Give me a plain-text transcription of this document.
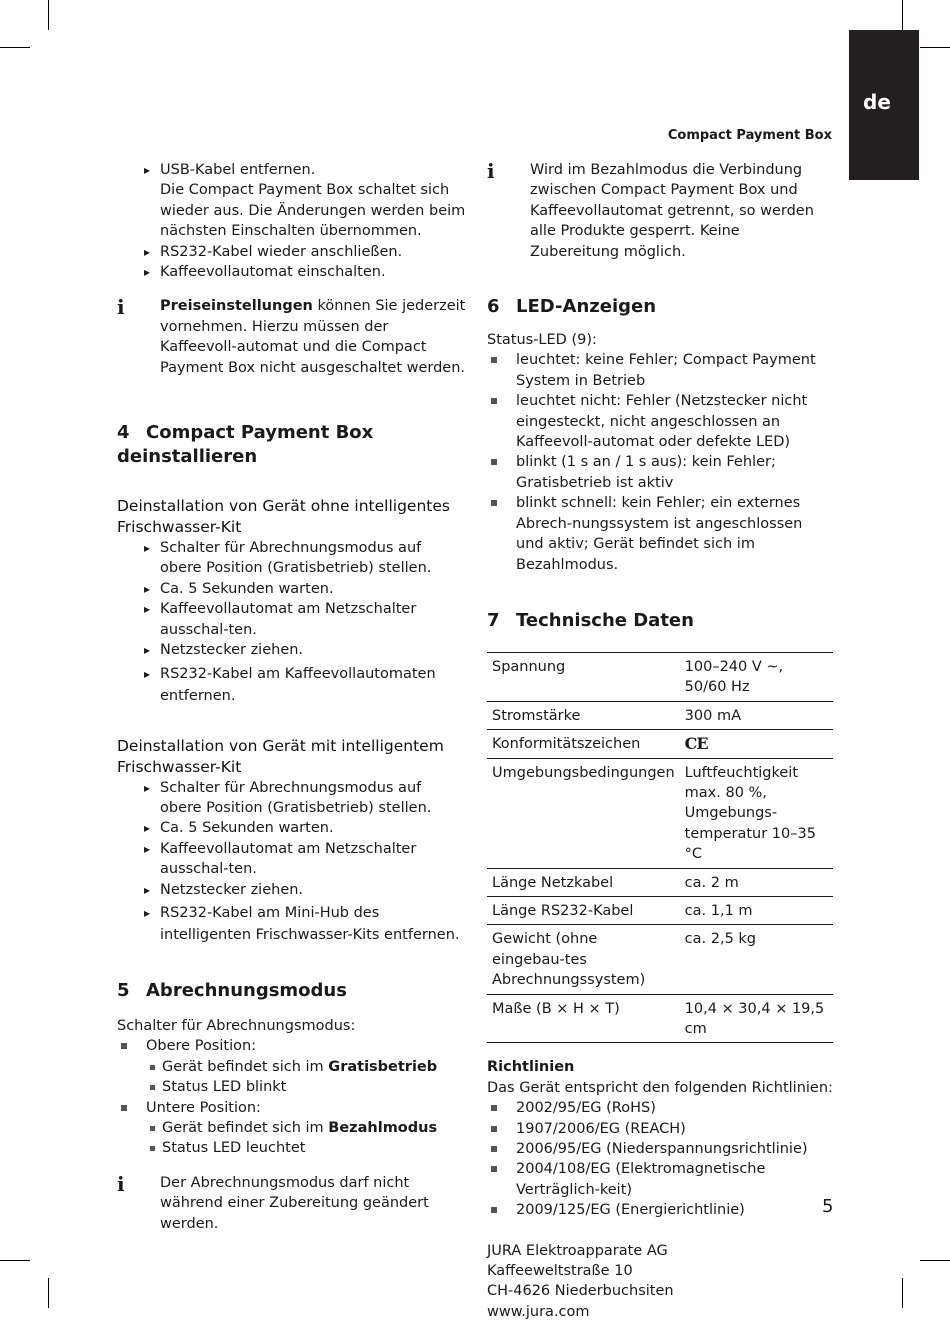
de
Compact Payment Box
▸ USB-Kabel entfernen.
Die Compact Payment Box schaltet sich wieder aus. Die Änderungen werden beim nächsten Einschalten übernommen.
▸ RS232-Kabel wieder anschließen.
▸ Kaffeevollautomat einschalten.
i Preiseinstellungen können Sie jederzeit vornehmen. Hierzu müssen der Kaffeevoll-automat und die Compact Payment Box nicht ausgeschaltet werden.

4 Compact Payment Box deinstallieren
Deinstallation von Gerät ohne intelligentes Frischwasser-Kit
▸ Schalter für Abrechnungsmodus auf obere Position (Gratisbetrieb) stellen.
▸ Ca. 5 Sekunden warten.
▸ Kaffeevollautomat am Netzschalter ausschal-ten.
▸ Netzstecker ziehen.
▸ RS232-Kabel am Kaffeevollautomaten entfernen.
Deinstallation von Gerät mit intelligentem Frischwasser-Kit
▸ Schalter für Abrechnungsmodus auf obere Position (Gratisbetrieb) stellen.
▸ Ca. 5 Sekunden warten.
▸ Kaffeevollautomat am Netzschalter ausschal-ten.
▸ Netzstecker ziehen.
▸ RS232-Kabel am Mini-Hub des intelligenten Frischwasser-Kits entfernen.
5 Abrechnungsmodus

Schalter für Abrechnungsmodus:

Obere Position:
Gerät befindet sich im Gratisbetrieb
Status LED blinkt
Untere Position:
Gerät befindet sich im Bezahlmodus
Status LED leuchtet
i Der Abrechnungsmodus darf nicht während einer Zubereitung geändert werden.

i Wird im Bezahlmodus die Verbindung zwischen Compact Payment Box und Kaffeevollautomat getrennt, so werden alle Produkte gesperrt. Keine Zubereitung möglich.

6 LED-Anzeigen

Status-LED (9):

leuchtet: keine Fehler; Compact Payment System in Betrieb
leuchtet nicht: Fehler (Netzstecker nicht eingesteckt, nicht angeschlossen an Kaffeevoll-automat oder defekte LED)
blinkt (1 s an / 1 s aus): kein Fehler; Gratisbetrieb ist aktiv
blinkt schnell: kein Fehler; ein externes Abrech-nungssystem ist angeschlossen und aktiv; Gerät befindet sich im Bezahlmodus.
7 Technische Daten
Spannung	100–240 V ~, 50/60 Hz
Stromstärke	300 mA
Konformitätszeichen	CE
Umgebungsbedingungen	Luftfeuchtigkeit max. 80 %, Umgebungs-temperatur 10–35 °C
Länge Netzkabel	ca. 2 m
Länge RS232-Kabel	ca. 1,1 m
Gewicht (ohne eingebau-tes Abrechnungssystem)	ca. 2,5 kg
Maße (B × H × T)	10,4 × 30,4 × 19,5 cm

Richtlinien

Das Gerät entspricht den folgenden Richtlinien:

2002/95/EG (RoHS)
1907/2006/EG (REACH)
2006/95/EG (Niederspannungsrichtlinie)
2004/108/EG (Elektromagnetische Verträglich-keit)
2009/125/EG (Energierichtlinie)

JURA Elektroapparate AG

Kaffeeweltstraße 10

CH-4626 Niederbuchsiten

www.jura.com

5
